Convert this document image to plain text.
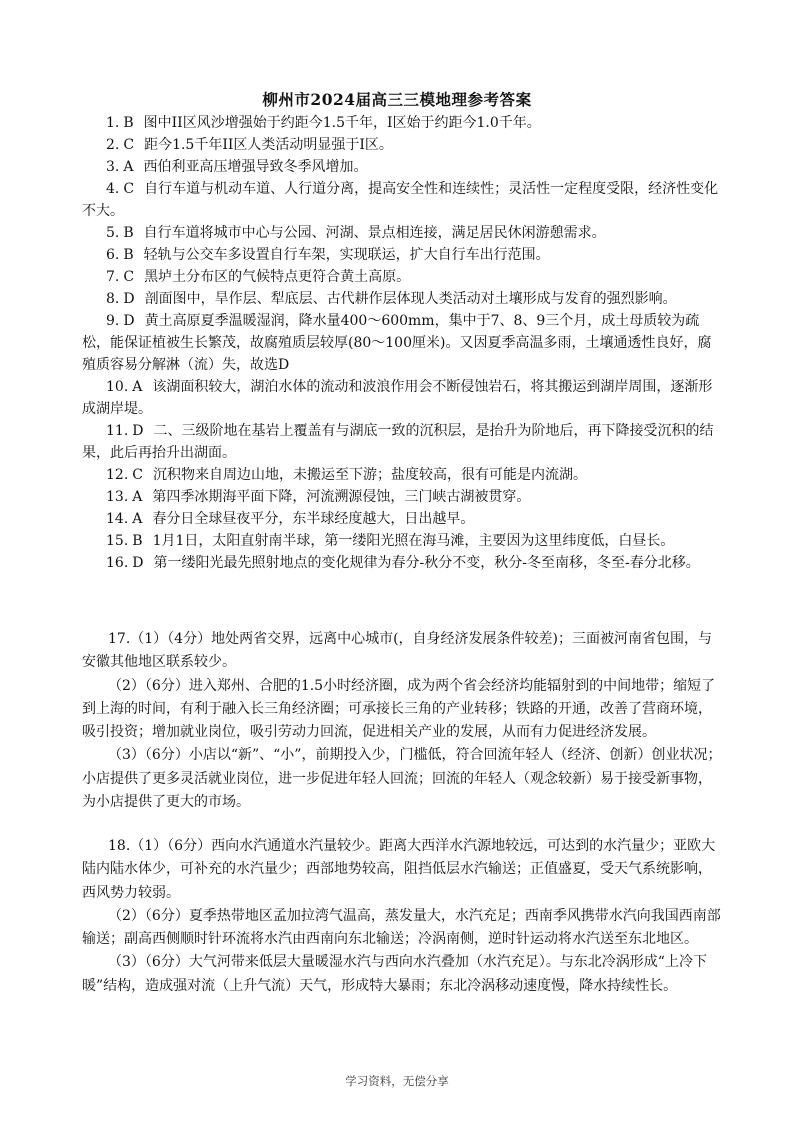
柳州市2024届高三三模地理参考答案

1. B 图中II区风沙增强始于约距今1.5千年，I区始于约距今1.0千年。

2. C 距今1.5千年II区人类活动明显强于I区。

3. A 西伯利亚高压增强导致冬季风增加。

4. C 自行车道与机动车道、人行道分离，提高安全性和连续性；灵活性一定程度受限，经济性变化不大。

5. B 自行车道将城市中心与公园、河湖、景点相连接，满足居民休闲游憩需求。

6. B 轻轨与公交车多设置自行车架，实现联运，扩大自行车出行范围。

7. C 黑垆土分布区的气候特点更符合黄土高原。

8. D 剖面图中，旱作层、犁底层、古代耕作层体现人类活动对土壤形成与发育的强烈影响。

9. D 黄土高原夏季温暖湿润，降水量400～600mm，集中于7、8、9三个月，成土母质较为疏松，能保证植被生长繁茂，故腐殖质层较厚(80～100厘米)。又因夏季高温多雨，土壤通透性良好，腐殖质容易分解淋（流）失，故选D

10. A 该湖面积较大，湖泊水体的流动和波浪作用会不断侵蚀岩石，将其搬运到湖岸周围，逐渐形成湖岸堤。

11. D 二、三级阶地在基岩上覆盖有与湖底一致的沉积层，是抬升为阶地后，再下降接受沉积的结果，此后再抬升出湖面。

12. C 沉积物来自周边山地，未搬运至下游；盐度较高，很有可能是内流湖。

13. A 第四季冰期海平面下降，河流溯源侵蚀，三门峡古湖被贯穿。

14. A 春分日全球昼夜平分，东半球经度越大，日出越早。

15. B 1月1日，太阳直射南半球，第一缕阳光照在海马滩，主要因为这里纬度低，白昼长。

16. D 第一缕阳光最先照射地点的变化规律为春分-秋分不变，秋分-冬至南移，冬至-春分北移。

17.（1）（4分）地处两省交界，远离中心城市(，自身经济发展条件较差)；三面被河南省包围，与安徽其他地区联系较少。

（2）（6分）进入郑州、合肥的1.5小时经济圈，成为两个省会经济均能辐射到的中间地带；缩短了到上海的时间，有利于融入长三角经济圈；可承接长三角的产业转移；铁路的开通，改善了营商环境，吸引投资；增加就业岗位，吸引劳动力回流，促进相关产业的发展，从而有力促进经济发展。

（3）（6分）小店以“新”、“小”，前期投入少，门槛低，符合回流年轻人（经济、创新）创业状况；小店提供了更多灵活就业岗位，进一步促进年轻人回流；回流的年轻人（观念较新）易于接受新事物，为小店提供了更大的市场。

18.（1）（6分）西向水汽通道水汽量较少。距离大西洋水汽源地较远，可达到的水汽量少；亚欧大陆内陆水体少，可补充的水汽量少；西部地势较高，阻挡低层水汽输送；正值盛夏，受天气系统影响，西风势力较弱。

（2）（6分）夏季热带地区孟加拉湾气温高，蒸发量大，水汽充足；西南季风携带水汽向我国西南部输送；副高西侧顺时针环流将水汽由西南向东北输送；冷涡南侧，逆时针运动将水汽送至东北地区。

（3）（6分）大气河带来低层大量暖湿水汽与西向水汽叠加（水汽充足）。与东北冷涡形成“上冷下暖”结构，造成强对流（上升气流）天气，形成特大暴雨；东北冷涡移动速度慢，降水持续性长。

学习资料，无偿分享
